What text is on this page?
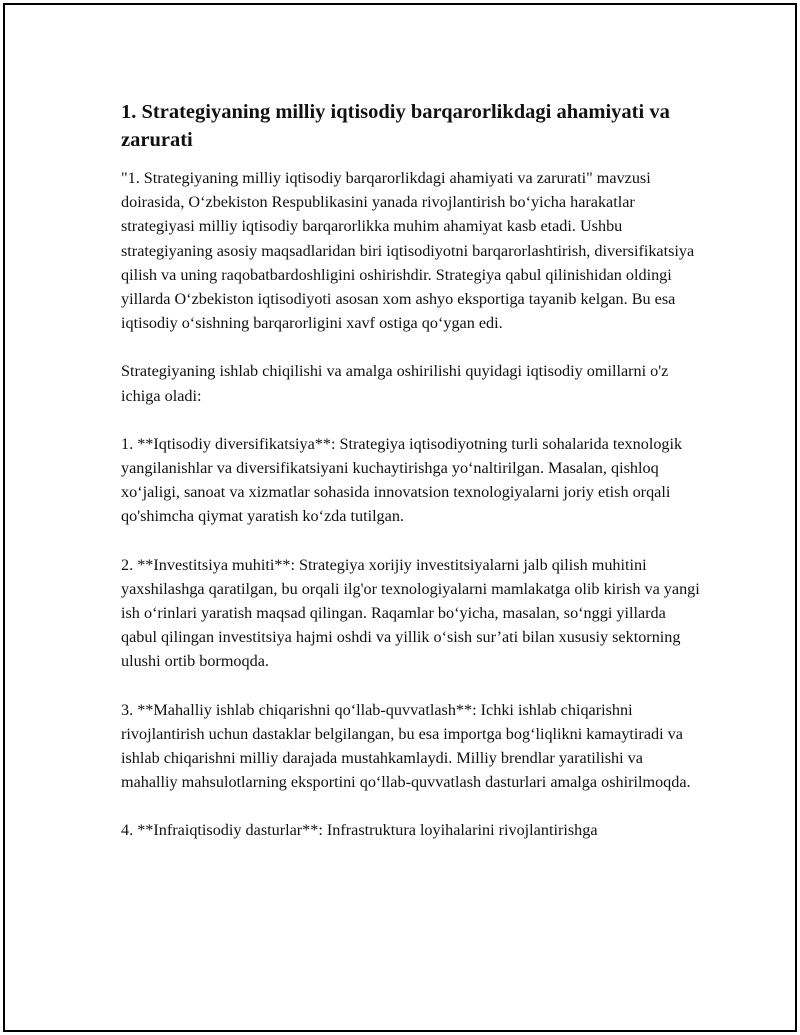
1. Strategiyaning milliy iqtisodiy barqarorlikdagi ahamiyati va zarurati

"1. Strategiyaning milliy iqtisodiy barqarorlikdagi ahamiyati va zarurati" mavzusi doirasida, O‘zbekiston Respublikasini yanada rivojlantirish bo‘yicha harakatlar strategiyasi milliy iqtisodiy barqarorlikka muhim ahamiyat kasb etadi. Ushbu strategiyaning asosiy maqsadlaridan biri iqtisodiyotni barqarorlashtirish, diversifikatsiya qilish va uning raqobatbardoshligini oshirishdir. Strategiya qabul qilinishidan oldingi yillarda O‘zbekiston iqtisodiyoti asosan xom ashyo eksportiga tayanib kelgan. Bu esa iqtisodiy o‘sishning barqarorligini xavf ostiga qo‘ygan edi.

Strategiyaning ishlab chiqilishi va amalga oshirilishi quyidagi iqtisodiy omillarni o'z ichiga oladi:

1. **Iqtisodiy diversifikatsiya**: Strategiya iqtisodiyotning turli sohalarida texnologik yangilanishlar va diversifikatsiyani kuchaytirishga yo‘naltirilgan. Masalan, qishloq xo‘jaligi, sanoat va xizmatlar sohasida innovatsion texnologiyalarni joriy etish orqali qo'shimcha qiymat yaratish ko‘zda tutilgan.

2. **Investitsiya muhiti**: Strategiya xorijiy investitsiyalarni jalb qilish muhitini yaxshilashga qaratilgan, bu orqali ilg'or texnologiyalarni mamlakatga olib kirish va yangi ish o‘rinlari yaratish maqsad qilingan. Raqamlar bo‘yicha, masalan, so‘nggi yillarda qabul qilingan investitsiya hajmi oshdi va yillik o‘sish sur’ati bilan xususiy sektorning ulushi ortib bormoqda.

3. **Mahalliy ishlab chiqarishni qo‘llab-quvvatlash**: Ichki ishlab chiqarishni rivojlantirish uchun dastaklar belgilangan, bu esa importga bog‘liqlikni kamaytiradi va ishlab chiqarishni milliy darajada mustahkamlaydi. Milliy brendlar yaratilishi va mahalliy mahsulotlarning eksportini qo‘llab-quvvatlash dasturlari amalga oshirilmoqda.

4. **Infraiqtisodiy dasturlar**: Infrastruktura loyihalarini rivojlantirishga
